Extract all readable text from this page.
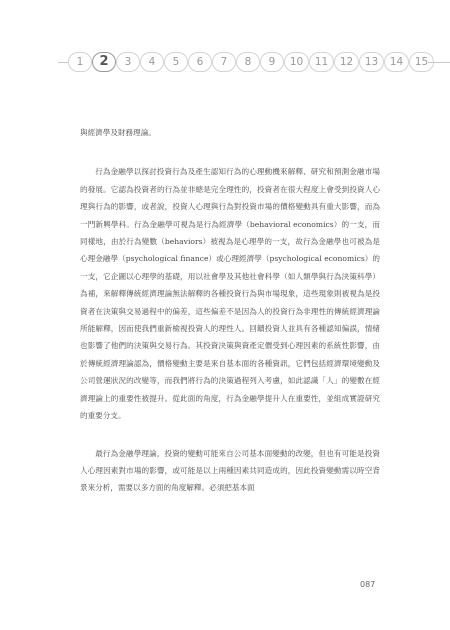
1	2	3	4	5	6	7	8	9	10	11	12	13	14	15

與經濟學及財務理論。

行為金融學以探討投資行為及產生認知行為的心理動機來解釋、研究和預測金融市場的發展。它認為投資者的行為並非總是完全理性的，投資者在很大程度上會受到投資人心理與行為的影響，或者說，投資人心理與行為對投資市場的價格變動具有重大影響，而為一門新興學科。行為金融學可視為是行為經濟學（behavioral economics）的一支，而同樣地，由於行為變數（behaviors）被視為是心理學的一支，故行為金融學也可被為是心理金融學（psychological finance）或心理經濟學（psychological economics）的一支，它企圖以心理學的基礎，用以社會學及其他社會科學（如人類學與行為決策科學）為補，來解釋傳統經濟理論無法解釋的各種投資行為與市場現象，這些現象則被視為是投資者在決策與交易過程中的偏差，這些偏差不是因為人的投資行為非理性的傳統經濟理論所能解釋，因而使我們重新檢視投資人的理性人。回饋投資人並具有各種認知偏誤，情緒也影響了他們的決策與交易行為。其投資決策與資產定價受到心理因素的系統性影響，由於傳統經濟理論認為，價格變動主要是來自基本面的各種資訊，它們包括經濟環境變動及公司營運狀況的改變等，而我們將行為的決策過程列入考慮，如此認識「人」的變數在經濟理論上的重要性被提升。從此面的角度，行為金融學提升人在重要性，並組成實證研究的重要分支。

最行為金融學理論，投資的變動可能來自公司基本面變動的改變，但也有可能是投資人心理因素對市場的影響，或可能是以上兩種因素共同造成的，因此投資變動需以時空背景來分析，需要以多方面的角度解釋。必須把基本面

087
